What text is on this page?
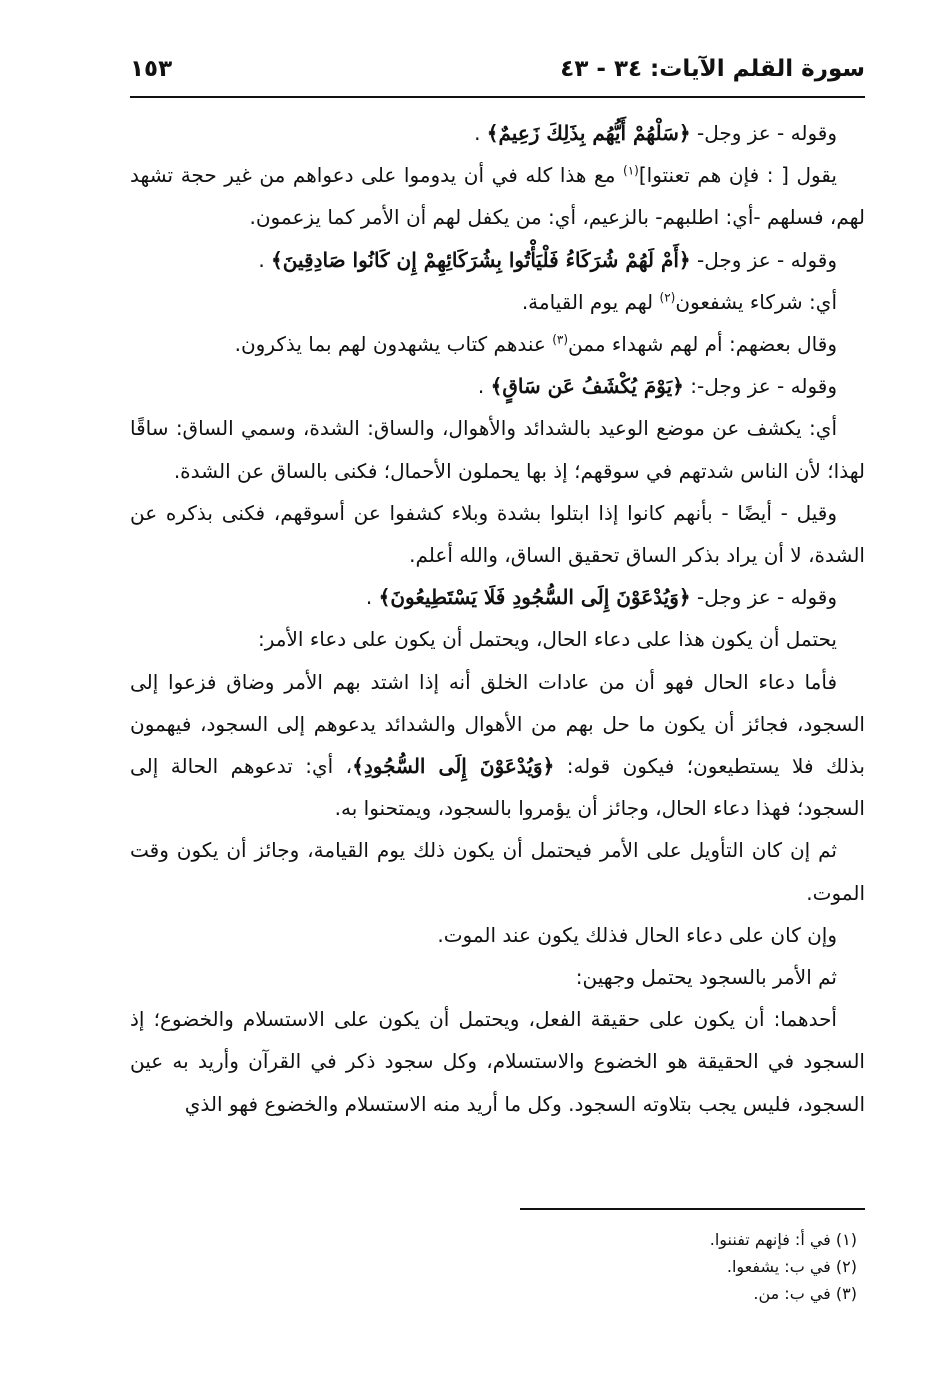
سورة القلم الآيات: ٣٤ - ٤٣
١٥٣

وقوله - عز وجل- ﴿سَلْهُمْ أَيُّهُم بِذَلِكَ زَعِيمٌ﴾ .

يقول [ : فإن هم تعنتوا]$^{(١)}$ مع هذا كله في أن يدوموا على دعواهم من غير حجة تشهد لهم، فسلهم -أي: اطلبهم- بالزعيم، أي: من يكفل لهم أن الأمر كما يزعمون.

وقوله - عز وجل- ﴿أَمْ لَهُمْ شُرَكَاءُ فَلْيَأْتُوا بِشُرَكَائِهِمْ إِن كَانُوا صَادِقِينَ﴾ .

أي: شركاء يشفعون$^{(٢)}$ لهم يوم القيامة.

وقال بعضهم: أم لهم شهداء ممن$^{(٣)}$ عندهم كتاب يشهدون لهم بما يذكرون.

وقوله - عز وجل-: ﴿يَوْمَ يُكْشَفُ عَن سَاقٍ﴾ .

أي: يكشف عن موضع الوعيد بالشدائد والأهوال، والساق: الشدة، وسمي الساق: ساقًا لهذا؛ لأن الناس شدتهم في سوقهم؛ إذ بها يحملون الأحمال؛ فكنى بالساق عن الشدة.

وقيل - أيضًا - بأنهم كانوا إذا ابتلوا بشدة وبلاء كشفوا عن أسوقهم، فكنى بذكره عن الشدة، لا أن يراد بذكر الساق تحقيق الساق، والله أعلم.

وقوله - عز وجل- ﴿وَيُدْعَوْنَ إِلَى السُّجُودِ فَلَا يَسْتَطِيعُونَ﴾ .

يحتمل أن يكون هذا على دعاء الحال، ويحتمل أن يكون على دعاء الأمر:

فأما دعاء الحال فهو أن من عادات الخلق أنه إذا اشتد بهم الأمر وضاق فزعوا إلى السجود، فجائز أن يكون ما حل بهم من الأهوال والشدائد يدعوهم إلى السجود، فيهمون بذلك فلا يستطيعون؛ فيكون قوله: ﴿وَيُدْعَوْنَ إِلَى السُّجُودِ﴾، أي: تدعوهم الحالة إلى السجود؛ فهذا دعاء الحال، وجائز أن يؤمروا بالسجود، ويمتحنوا به.

ثم إن كان التأويل على الأمر فيحتمل أن يكون ذلك يوم القيامة، وجائز أن يكون وقت الموت.

وإن كان على دعاء الحال فذلك يكون عند الموت.

ثم الأمر بالسجود يحتمل وجهين:

أحدهما: أن يكون على حقيقة الفعل، ويحتمل أن يكون على الاستسلام والخضوع؛ إذ السجود في الحقيقة هو الخضوع والاستسلام، وكل سجود ذكر في القرآن وأريد به عين السجود، فليس يجب بتلاوته السجود. وكل ما أريد منه الاستسلام والخضوع فهو الذي

(١) في أ: فإنهم تفننوا.

(٢) في ب: يشفعوا.

(٣) في ب: من.
